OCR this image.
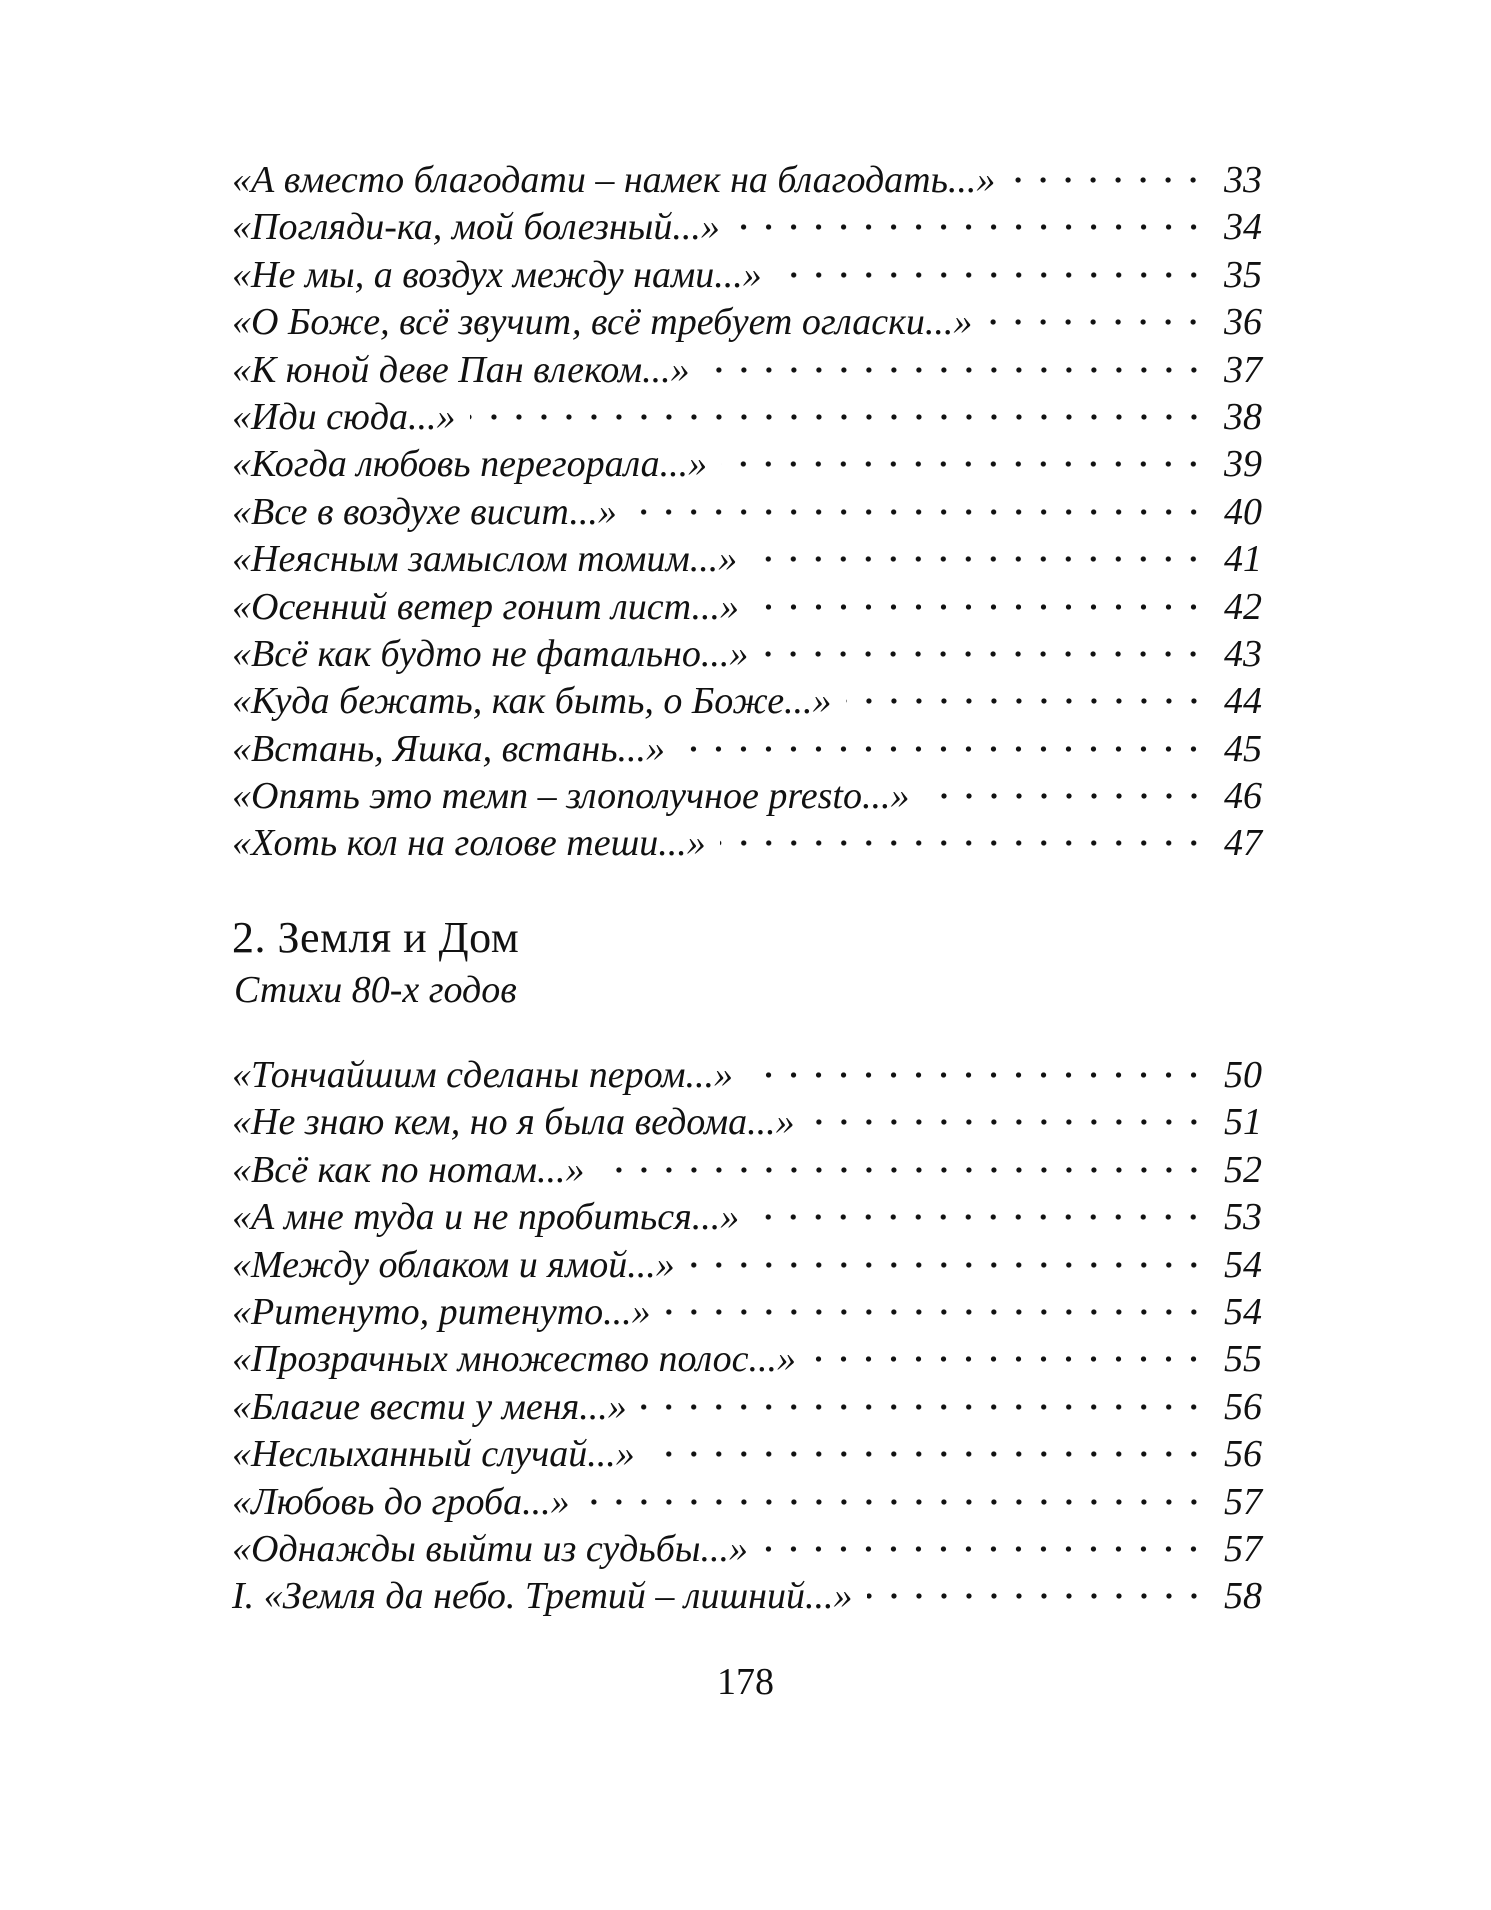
«А вместо благодати – намек на благодать...»	33
«Погляди-ка, мой болезный...»	34
«Не мы, а воздух между нами...»	35
«О Боже, всё звучит, всё требует огласки...»	36
«К юной деве Пан влеком...»	37
«Иди сюда...»	38
«Когда любовь перегорала...»	39
«Все в воздухе висит...»	40
«Неясным замыслом томим...»	41
«Осенний ветер гонит лист...»	42
«Всё как будто не фатально...»	43
«Куда бежать, как быть, о Боже...»	44
«Встань, Яшка, встань...»	45
«Опять это темп – злополучное presto...»	46
«Хоть кол на голове теши...»	47
2. Земля и Дом
Стихи 80-х годов
«Тончайшим сделаны пером...»	50
«Не знаю кем, но я была ведома...»	51
«Всё как по нотам...»	52
«А мне туда и не пробиться...»	53
«Между облаком и ямой...»	54
«Ритенуто, ритенуто...»	54
«Прозрачных множество полос...»	55
«Благие вести у меня...»	56
«Неслыханный случай...»	56
«Любовь до гроба...»	57
«Однажды выйти из судьбы...»	57
I. «Земля да небо. Третий – лишний...»	58
178
